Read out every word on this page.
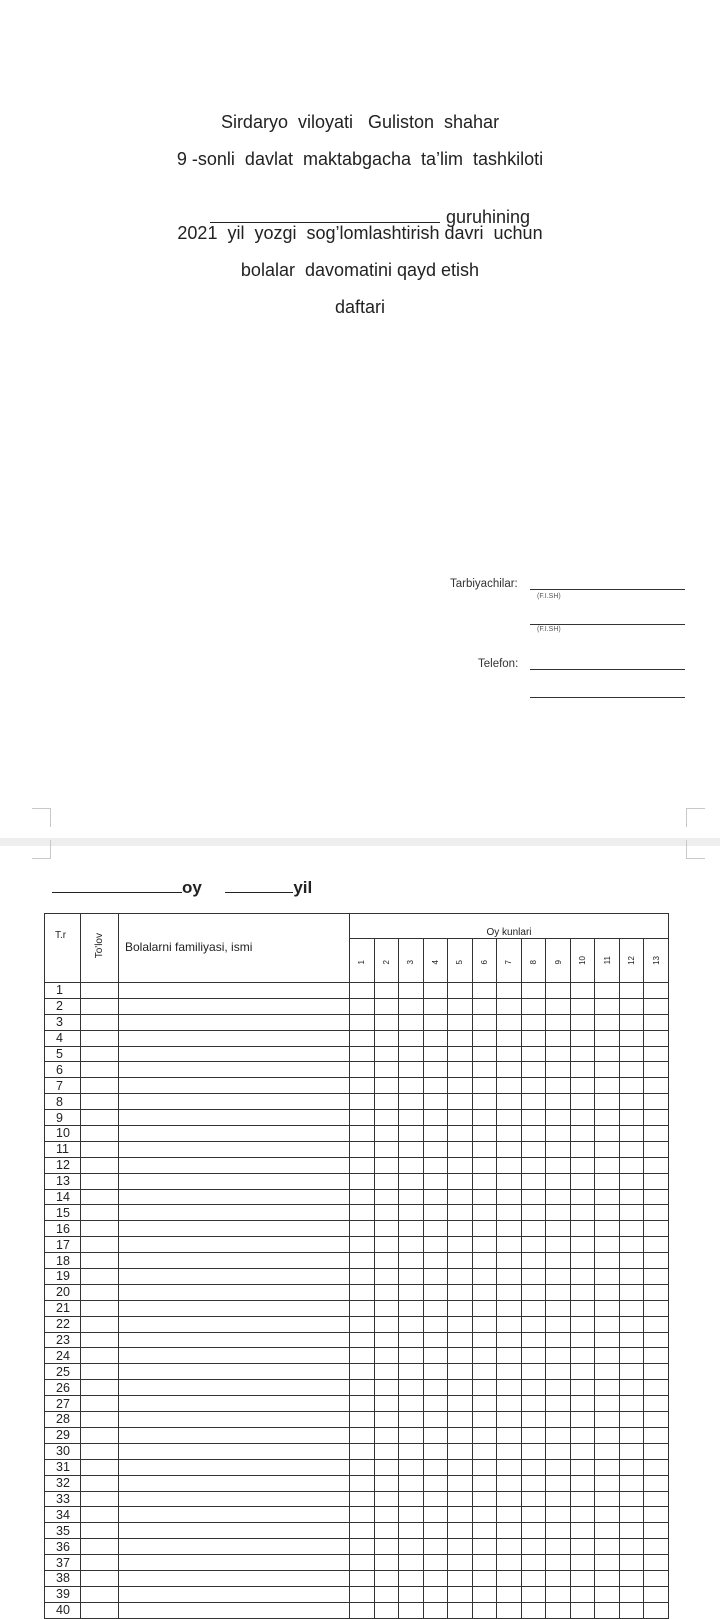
Sirdaryo  viloyati   Guliston  shahar
9 -sonli  davlat  maktabgacha  ta’lim  tashkiloti

guruhining

2021  yil  yozgi  sog’lomlashtirish davri  uchun
bolalar  davomatini qayd etish
daftari
Tarbiyachilar:
(F.I.SH)
(F.I.SH)
Telefon:
oy	yil
T.r	To'lov	Bolalarni familiyasi, ismi	Oy kunlari												
			1	2	3	4	5	6	7	8	9	10	11	12	13
1															
2															
3															
4															
5															
6															
7															
8															
9															
10															
11															
12															
13															
14															
15															
16															
17															
18															
19															
20															
21															
22															
23															
24															
25															
26															
27															
28															
29															
30															
31															
32															
33															
34															
35															
36															
37															
38															
39															
40															
